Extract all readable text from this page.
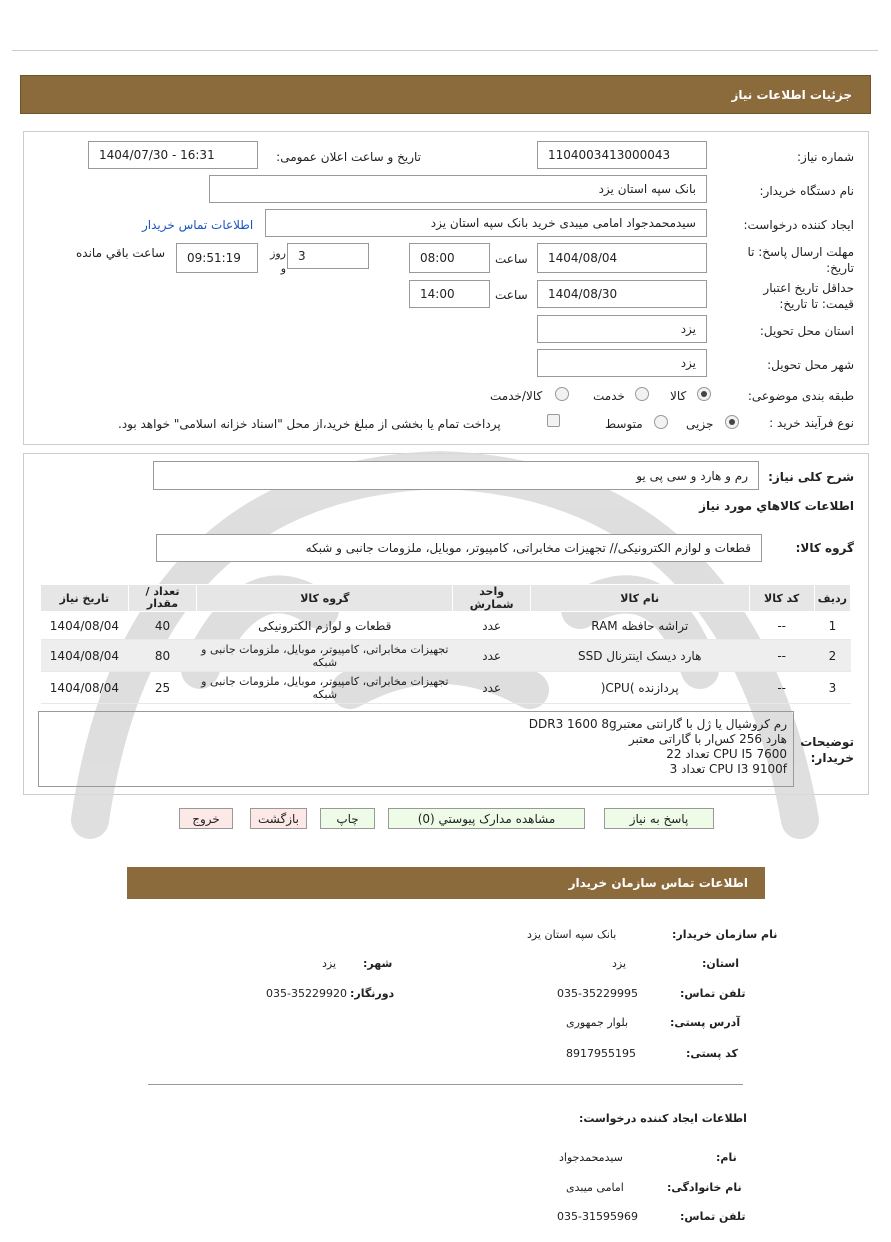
جزئیات اطلاعات نیاز
شماره نیاز:
1104003413000043
تاریخ و ساعت اعلان عمومی:
1404/07/30 - 16:31
نام دستگاه خریدار:
بانک سپه استان یزد
ایجاد کننده درخواست:
سیدمحمدجواد امامی میبدی خرید بانک سپه استان یزد
اطلاعات تماس خریدار
مهلت ارسال پاسخ: تا تاریخ:
1404/08/04
ساعت
08:00
3
روز و
09:51:19
ساعت باقي مانده
حداقل تاریخ اعتبار قیمت: تا تاریخ:
1404/08/30
ساعت
14:00
استان محل تحویل:
یزد
شهر محل تحویل:
یزد
طبقه بندی موضوعی:
کالا
خدمت
کالا/خدمت
نوع فرآیند خرید :
جزیی
متوسط
پرداخت تمام یا بخشی از مبلغ خرید،از محل "اسناد خزانه اسلامی" خواهد بود.
شرح کلی نیاز:
رم و هارد و سی پی یو
اطلاعات کالاهاي مورد نياز
گروه کالا:
قطعات و لوازم الکترونیکی// تجهیزات مخابراتی، کامپیوتر، موبایل، ملزومات جانبی و شبکه
ردیف	کد کالا	نام کالا	واحد شمارش	گروه کالا	تعداد / مقدار	تاریخ نیاز
1	--	تراشه حافظه RAM	عدد	قطعات و لوازم الکترونیکی	40	1404/08/04
2	--	هارد دیسک اینترنال SSD	عدد	تجهیزات مخابراتی، کامپیوتر، موبایل، ملزومات جانبی و شبکه	80	1404/08/04
3	--	پردازنده )CPU(	عدد	تجهیزات مخابراتی، کامپیوتر، موبایل، ملزومات جانبی و شبکه	25	1404/08/04
توضیحات خریدار:
رم کروشیال یا ژل با گارانتی معتبرDDR3 1600 8g
هارد 256 کس‌ار با گاراتی معتبر
CPU I5 7600 تعداد 22
CPU I3 9100f تعداد 3
پاسخ به نیاز
مشاهده مدارک پیوستي (0)
چاپ
بازگشت
خروج
اطلاعات تماس سازمان خریدار
نام سازمان خریدار:
بانک سپه استان یزد
استان:
یزد
شهر:
یزد
تلفن تماس:
035-35229995
دورنگار:
035-35229920
آدرس پستی:
بلوار جمهوری
کد پستی:
8917955195
اطلاعات ایجاد کننده درخواست:
نام:
سیدمحمدجواد
نام خانوادگی:
امامی میبدی
تلفن تماس:
035-31595969
